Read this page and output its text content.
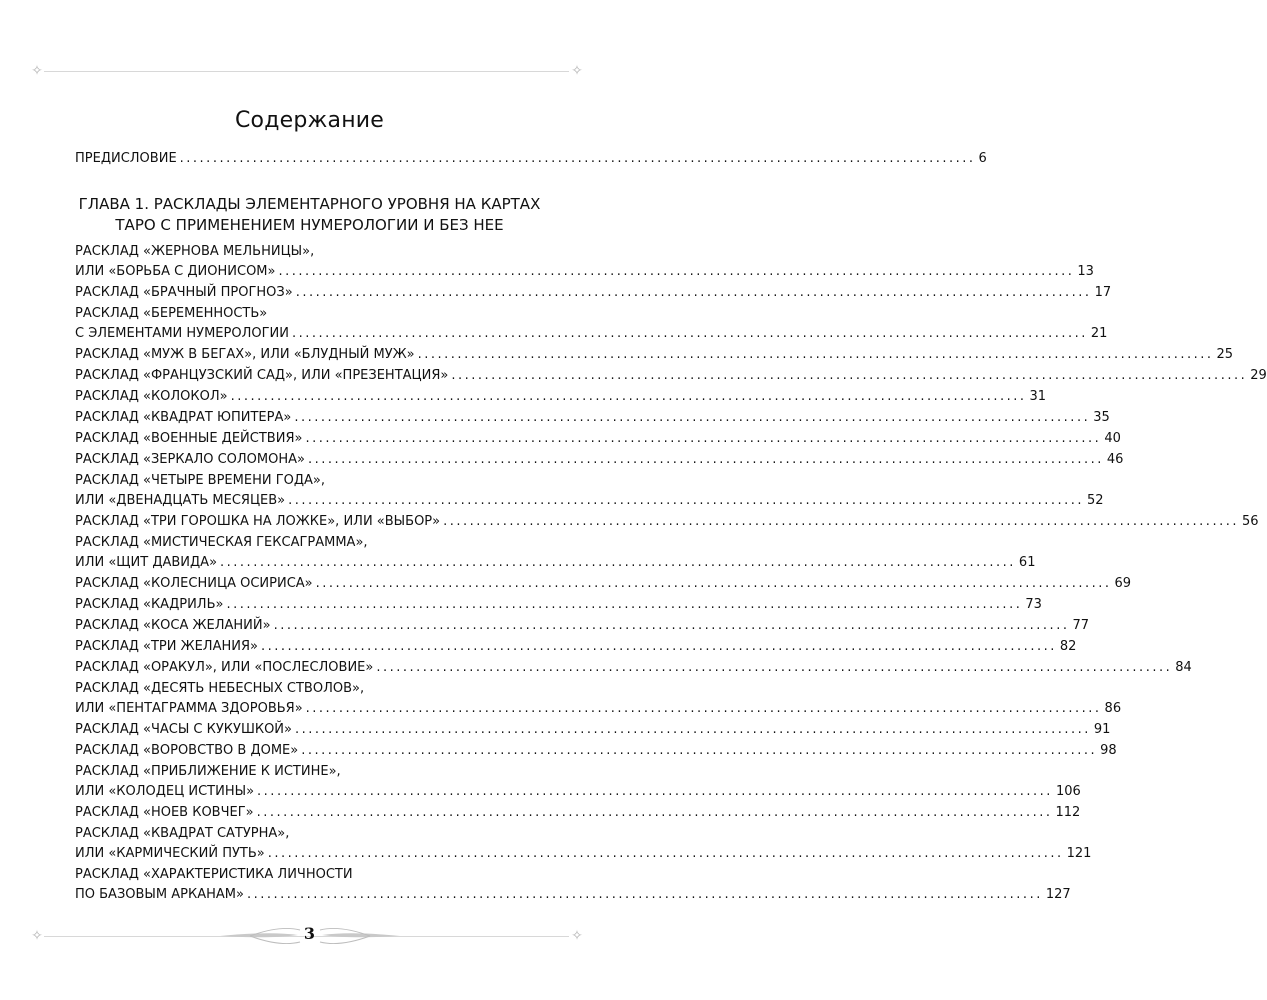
✧	✧
✧	✧
Содержание
ПРЕДИСЛОВИЕ ........................................................................................................................ 6
ГЛАВА 1. РАСКЛАДЫ ЭЛЕМЕНТАРНОГО УРОВНЯ НА КАРТАХ
ТАРО С ПРИМЕНЕНИЕМ НУМЕРОЛОГИИ И БЕЗ НЕЕ
РАСКЛАД «ЖЕРНОВА МЕЛЬНИЦЫ»,
ИЛИ «БОРЬБА С ДИОНИСОМ» ........................................................................................................................ 13
РАСКЛАД «БРАЧНЫЙ ПРОГНОЗ» ........................................................................................................................ 17
РАСКЛАД «БЕРЕМЕННОСТЬ»
С ЭЛЕМЕНТАМИ НУМЕРОЛОГИИ ........................................................................................................................ 21
РАСКЛАД «МУЖ В БЕГАХ», ИЛИ «БЛУДНЫЙ МУЖ» ........................................................................................................................ 25
РАСКЛАД «ФРАНЦУЗСКИЙ САД», ИЛИ «ПРЕЗЕНТАЦИЯ» ........................................................................................................................ 29
РАСКЛАД «КОЛОКОЛ» ........................................................................................................................ 31
РАСКЛАД «КВАДРАТ ЮПИТЕРА» ........................................................................................................................ 35
РАСКЛАД «ВОЕННЫЕ ДЕЙСТВИЯ» ........................................................................................................................ 40
РАСКЛАД «ЗЕРКАЛО СОЛОМОНА» ........................................................................................................................ 46
РАСКЛАД «ЧЕТЫРЕ ВРЕМЕНИ ГОДА»,
ИЛИ «ДВЕНАДЦАТЬ МЕСЯЦЕВ» ........................................................................................................................ 52
РАСКЛАД «ТРИ ГОРОШКА НА ЛОЖКЕ», ИЛИ «ВЫБОР» ........................................................................................................................ 56
РАСКЛАД «МИСТИЧЕСКАЯ ГЕКСАГРАММА»,
ИЛИ «ЩИТ ДАВИДА» ........................................................................................................................ 61
РАСКЛАД «КОЛЕСНИЦА ОСИРИСА» ........................................................................................................................ 69
РАСКЛАД «КАДРИЛЬ» ........................................................................................................................ 73
РАСКЛАД «КОСА ЖЕЛАНИЙ» ........................................................................................................................ 77
РАСКЛАД «ТРИ ЖЕЛАНИЯ» ........................................................................................................................ 82
РАСКЛАД «ОРАКУЛ», ИЛИ «ПОСЛЕСЛОВИЕ» ........................................................................................................................ 84
РАСКЛАД «ДЕСЯТЬ НЕБЕСНЫХ СТВОЛОВ»,
ИЛИ «ПЕНТАГРАММА ЗДОРОВЬЯ» ........................................................................................................................ 86
РАСКЛАД «ЧАСЫ С КУКУШКОЙ» ........................................................................................................................ 91
РАСКЛАД «ВОРОВСТВО В ДОМЕ» ........................................................................................................................ 98
РАСКЛАД «ПРИБЛИЖЕНИЕ К ИСТИНЕ»,
ИЛИ «КОЛОДЕЦ ИСТИНЫ» ........................................................................................................................ 106
РАСКЛАД «НОЕВ КОВЧЕГ» ........................................................................................................................ 112
РАСКЛАД «КВАДРАТ САТУРНА»,
ИЛИ «КАРМИЧЕСКИЙ ПУТЬ» ........................................................................................................................ 121
РАСКЛАД «ХАРАКТЕРИСТИКА ЛИЧНОСТИ
ПО БАЗОВЫМ АРКАНАМ» ........................................................................................................................ 127
3
